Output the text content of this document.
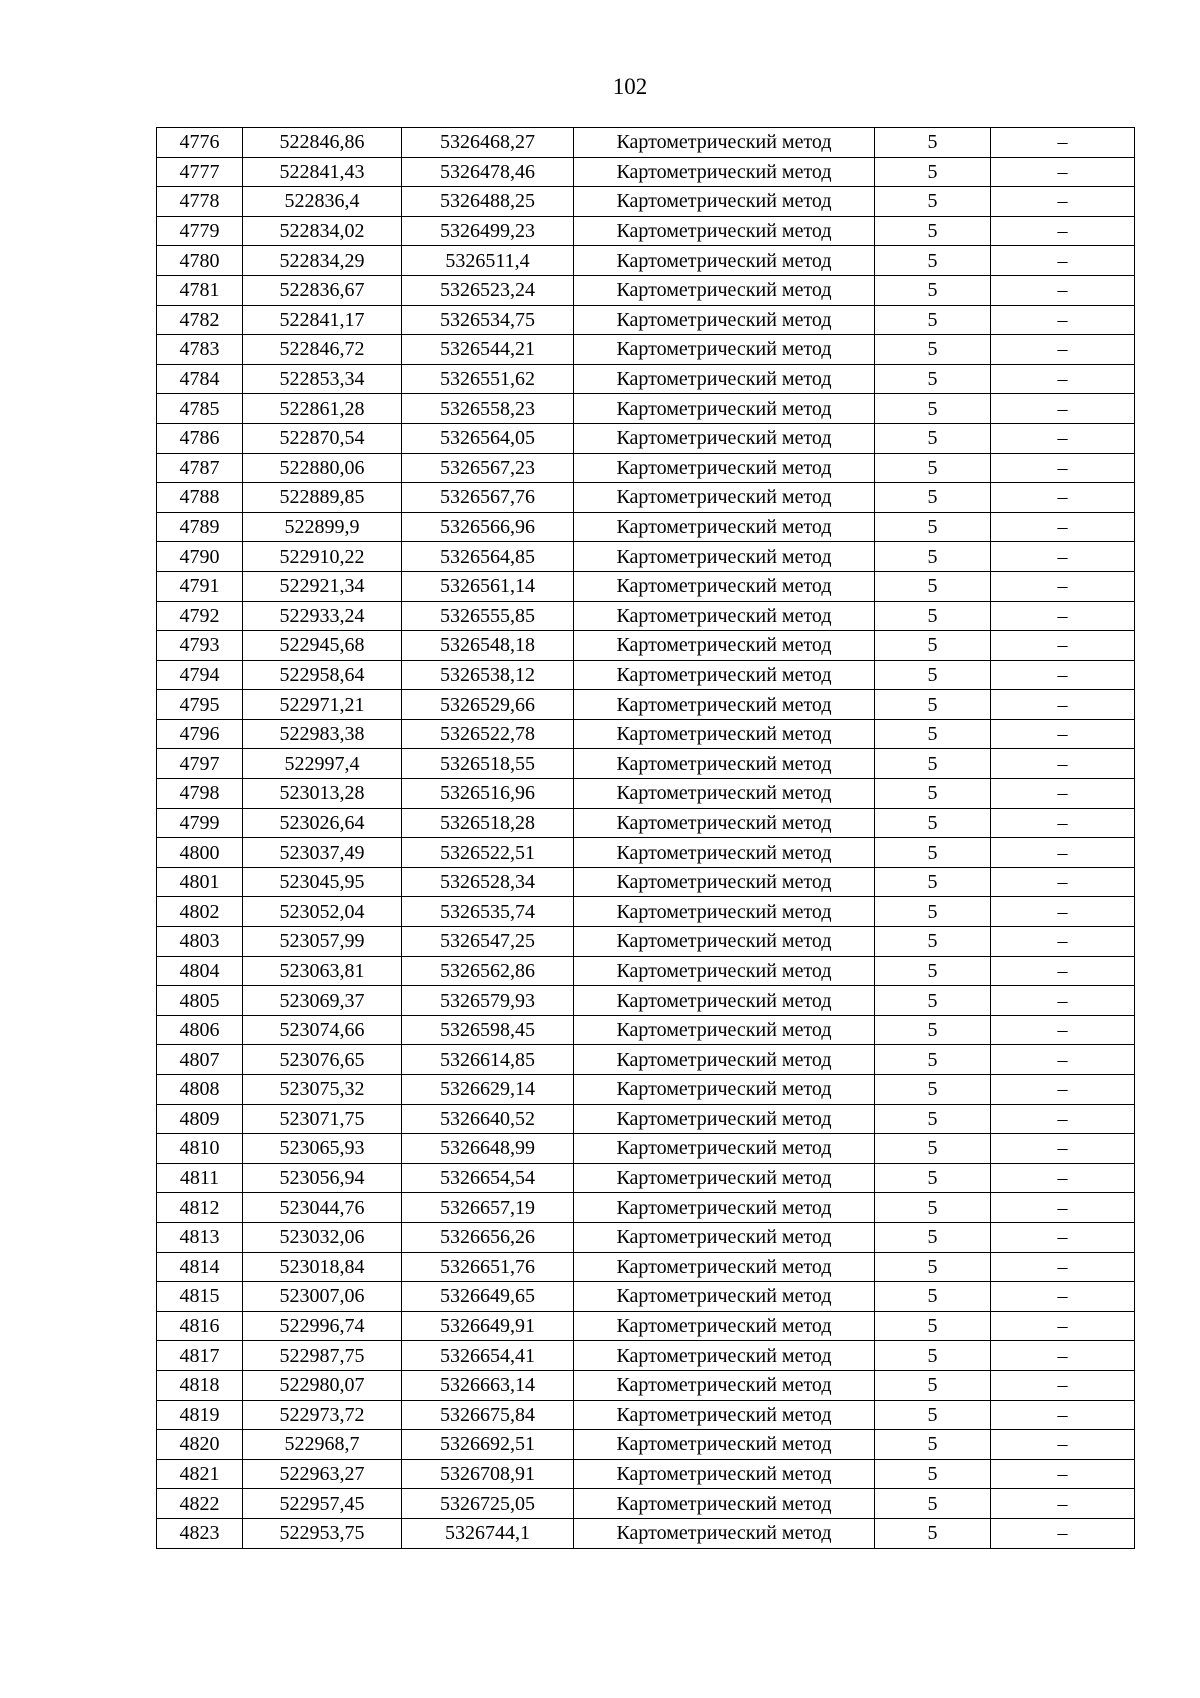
102
4776	522846,86	5326468,27	Картометрический метод	5	–
4777	522841,43	5326478,46	Картометрический метод	5	–
4778	522836,4	5326488,25	Картометрический метод	5	–
4779	522834,02	5326499,23	Картометрический метод	5	–
4780	522834,29	5326511,4	Картометрический метод	5	–
4781	522836,67	5326523,24	Картометрический метод	5	–
4782	522841,17	5326534,75	Картометрический метод	5	–
4783	522846,72	5326544,21	Картометрический метод	5	–
4784	522853,34	5326551,62	Картометрический метод	5	–
4785	522861,28	5326558,23	Картометрический метод	5	–
4786	522870,54	5326564,05	Картометрический метод	5	–
4787	522880,06	5326567,23	Картометрический метод	5	–
4788	522889,85	5326567,76	Картометрический метод	5	–
4789	522899,9	5326566,96	Картометрический метод	5	–
4790	522910,22	5326564,85	Картометрический метод	5	–
4791	522921,34	5326561,14	Картометрический метод	5	–
4792	522933,24	5326555,85	Картометрический метод	5	–
4793	522945,68	5326548,18	Картометрический метод	5	–
4794	522958,64	5326538,12	Картометрический метод	5	–
4795	522971,21	5326529,66	Картометрический метод	5	–
4796	522983,38	5326522,78	Картометрический метод	5	–
4797	522997,4	5326518,55	Картометрический метод	5	–
4798	523013,28	5326516,96	Картометрический метод	5	–
4799	523026,64	5326518,28	Картометрический метод	5	–
4800	523037,49	5326522,51	Картометрический метод	5	–
4801	523045,95	5326528,34	Картометрический метод	5	–
4802	523052,04	5326535,74	Картометрический метод	5	–
4803	523057,99	5326547,25	Картометрический метод	5	–
4804	523063,81	5326562,86	Картометрический метод	5	–
4805	523069,37	5326579,93	Картометрический метод	5	–
4806	523074,66	5326598,45	Картометрический метод	5	–
4807	523076,65	5326614,85	Картометрический метод	5	–
4808	523075,32	5326629,14	Картометрический метод	5	–
4809	523071,75	5326640,52	Картометрический метод	5	–
4810	523065,93	5326648,99	Картометрический метод	5	–
4811	523056,94	5326654,54	Картометрический метод	5	–
4812	523044,76	5326657,19	Картометрический метод	5	–
4813	523032,06	5326656,26	Картометрический метод	5	–
4814	523018,84	5326651,76	Картометрический метод	5	–
4815	523007,06	5326649,65	Картометрический метод	5	–
4816	522996,74	5326649,91	Картометрический метод	5	–
4817	522987,75	5326654,41	Картометрический метод	5	–
4818	522980,07	5326663,14	Картометрический метод	5	–
4819	522973,72	5326675,84	Картометрический метод	5	–
4820	522968,7	5326692,51	Картометрический метод	5	–
4821	522963,27	5326708,91	Картометрический метод	5	–
4822	522957,45	5326725,05	Картометрический метод	5	–
4823	522953,75	5326744,1	Картометрический метод	5	–
